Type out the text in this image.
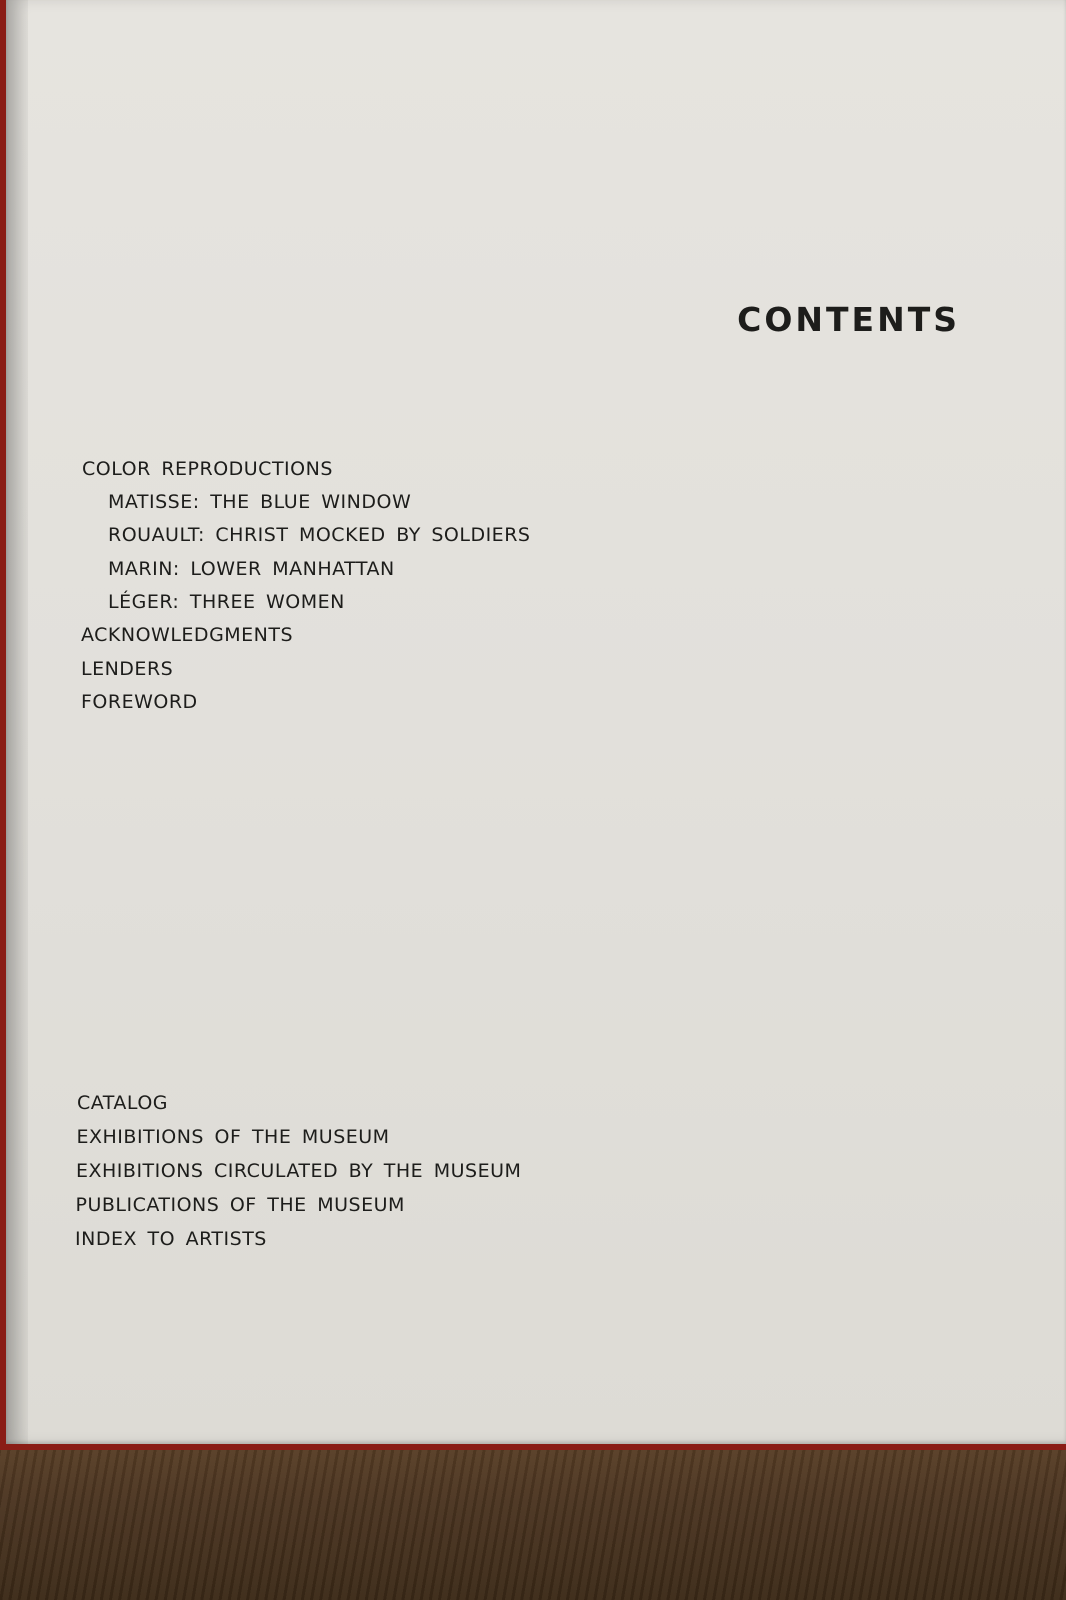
CONTENTS
COLOR REPRODUCTIONS
MATISSE: THE BLUE WINDOW
ROUAULT: CHRIST MOCKED BY SOLDIERS
MARIN: LOWER MANHATTAN
LÉGER: THREE WOMEN
ACKNOWLEDGMENTS
LENDERS
FOREWORD
CATALOG
EXHIBITIONS OF THE MUSEUM
EXHIBITIONS CIRCULATED BY THE MUSEUM
PUBLICATIONS OF THE MUSEUM
INDEX TO ARTISTS
